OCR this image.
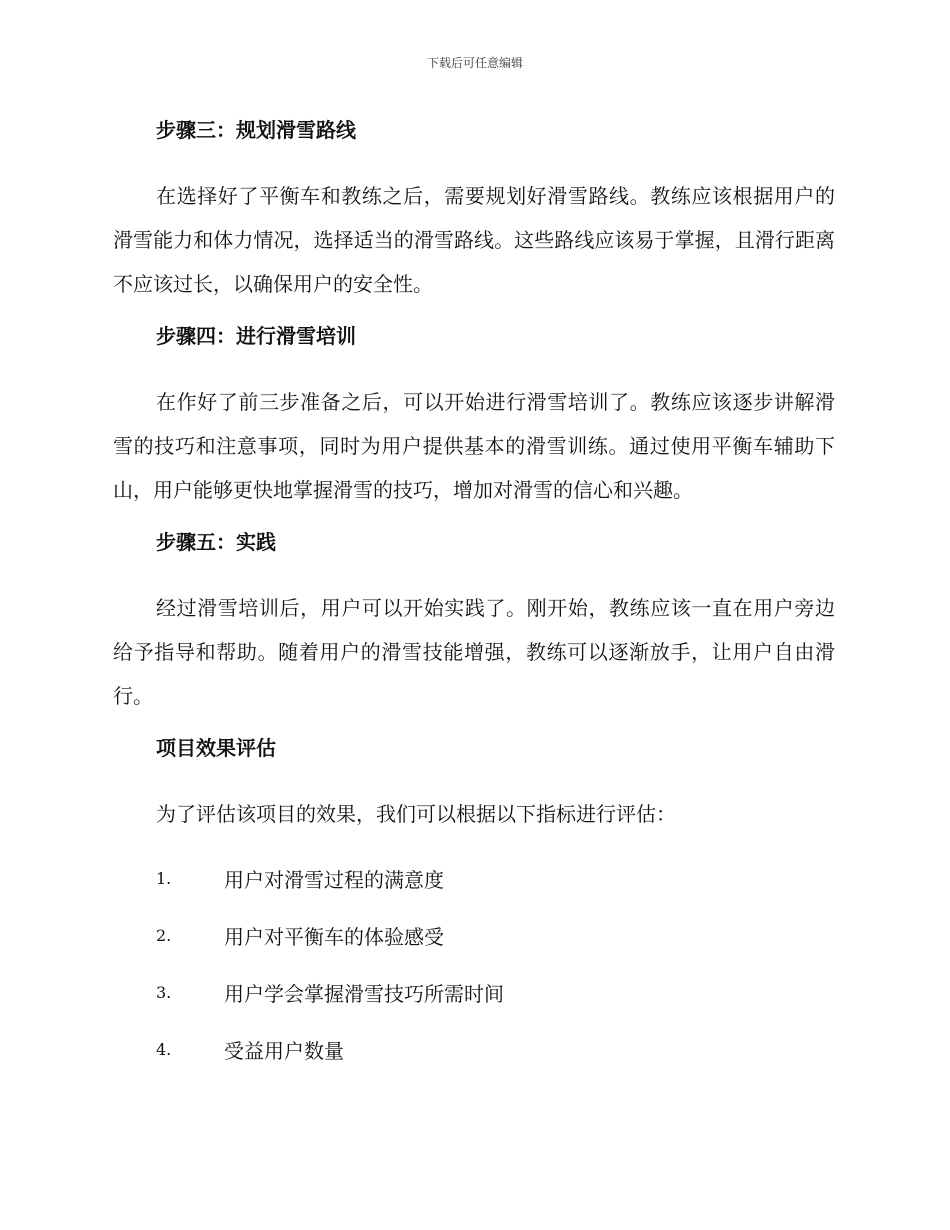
下载后可任意编辑
步骤三：规划滑雪路线

在选择好了平衡车和教练之后，需要规划好滑雪路线。教练应该根据用户的滑雪能力和体力情况，选择适当的滑雪路线。这些路线应该易于掌握，且滑行距离不应该过长，以确保用户的安全性。

步骤四：进行滑雪培训

在作好了前三步准备之后，可以开始进行滑雪培训了。教练应该逐步讲解滑雪的技巧和注意事项，同时为用户提供基本的滑雪训练。通过使用平衡车辅助下山，用户能够更快地掌握滑雪的技巧，增加对滑雪的信心和兴趣。

步骤五：实践

经过滑雪培训后，用户可以开始实践了。刚开始，教练应该一直在用户旁边给予指导和帮助。随着用户的滑雪技能增强，教练可以逐渐放手，让用户自由滑行。

项目效果评估

为了评估该项目的效果，我们可以根据以下指标进行评估：

1.	用户对滑雪过程的满意度
2.	用户对平衡车的体验感受
3.	用户学会掌握滑雪技巧所需时间
4.	受益用户数量
